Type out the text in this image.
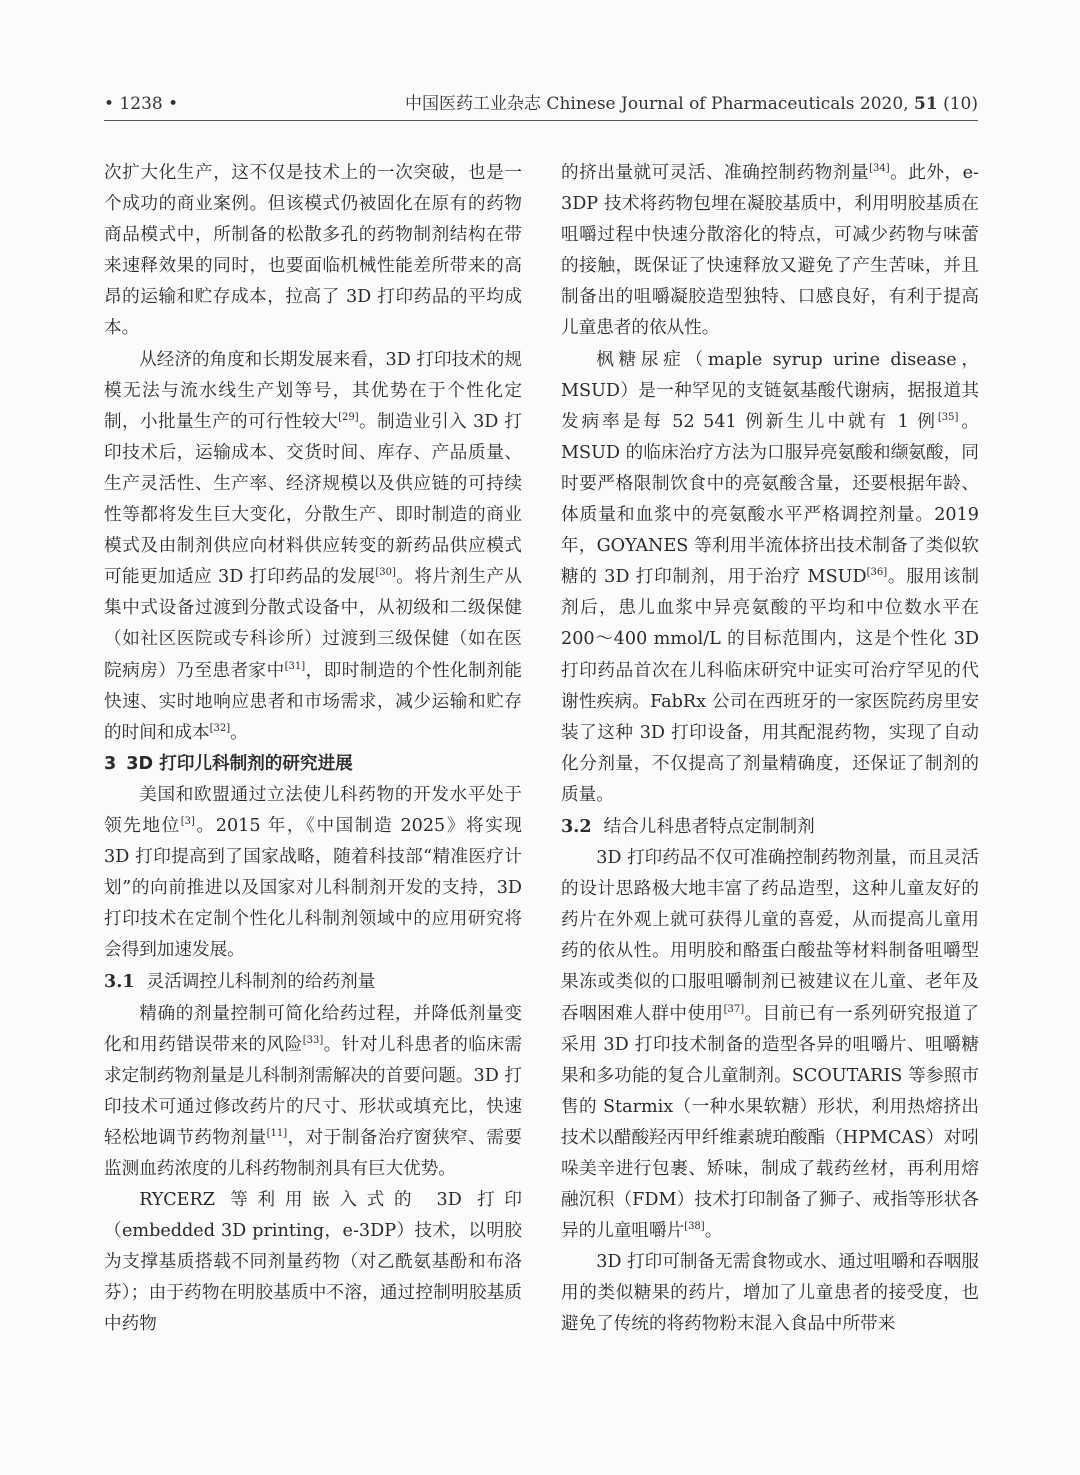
• 1238 •	中国医药工业杂志 Chinese Journal of Pharmaceuticals 2020, 51 (10)

次扩大化生产，这不仅是技术上的一次突破，也是一个成功的商业案例。但该模式仍被固化在原有的药物商品模式中，所制备的松散多孔的药物制剂结构在带来速释效果的同时，也要面临机械性能差所带来的高昂的运输和贮存成本，拉高了 3D 打印药品的平均成本。

从经济的角度和长期发展来看，3D 打印技术的规模无法与流水线生产划等号，其优势在于个性化定制，小批量生产的可行性较大[29]。制造业引入 3D 打印技术后，运输成本、交货时间、库存、产品质量、生产灵活性、生产率、经济规模以及供应链的可持续性等都将发生巨大变化，分散生产、即时制造的商业模式及由制剂供应向材料供应转变的新药品供应模式可能更加适应 3D 打印药品的发展[30]。将片剂生产从集中式设备过渡到分散式设备中，从初级和二级保健（如社区医院或专科诊所）过渡到三级保健（如在医院病房）乃至患者家中[31]，即时制造的个性化制剂能快速、实时地响应患者和市场需求，减少运输和贮存的时间和成本[32]。

3 3D 打印儿科制剂的研究进展

美国和欧盟通过立法使儿科药物的开发水平处于领先地位[3]。2015 年，《中国制造 2025》将实现 3D 打印提高到了国家战略，随着科技部“精准医疗计划”的向前推进以及国家对儿科制剂开发的支持，3D 打印技术在定制个性化儿科制剂领域中的应用研究将会得到加速发展。

3.1 灵活调控儿科制剂的给药剂量

精确的剂量控制可简化给药过程，并降低剂量变化和用药错误带来的风险[33]。针对儿科患者的临床需求定制药物剂量是儿科制剂需解决的首要问题。3D 打印技术可通过修改药片的尺寸、形状或填充比，快速轻松地调节药物剂量[11]，对于制备治疗窗狭窄、需要监测血药浓度的儿科药物制剂具有巨大优势。

RYCERZ 等利用嵌入式的 3D 打印（embedded 3D printing，e-3DP）技术，以明胶为支撑基质搭载不同剂量药物（对乙酰氨基酚和布洛芬）；由于药物在明胶基质中不溶，通过控制明胶基质中药物

的挤出量就可灵活、准确控制药物剂量[34]。此外，e-3DP 技术将药物包埋在凝胶基质中，利用明胶基质在咀嚼过程中快速分散溶化的特点，可减少药物与味蕾的接触，既保证了快速释放又避免了产生苦味，并且制备出的咀嚼凝胶造型独特、口感良好，有利于提高儿童患者的依从性。

枫糖尿症（maple syrup urine disease，MSUD）是一种罕见的支链氨基酸代谢病，据报道其发病率是每 52 541 例新生儿中就有 1 例[35]。MSUD 的临床治疗方法为口服异亮氨酸和缬氨酸，同时要严格限制饮食中的亮氨酸含量，还要根据年龄、体质量和血浆中的亮氨酸水平严格调控剂量。2019 年，GOYANES 等利用半流体挤出技术制备了类似软糖的 3D 打印制剂，用于治疗 MSUD[36]。服用该制剂后，患儿血浆中异亮氨酸的平均和中位数水平在 200～400 mmol/L 的目标范围内，这是个性化 3D 打印药品首次在儿科临床研究中证实可治疗罕见的代谢性疾病。FabRx 公司在西班牙的一家医院药房里安装了这种 3D 打印设备，用其配混药物，实现了自动化分剂量，不仅提高了剂量精确度，还保证了制剂的质量。

3.2 结合儿科患者特点定制制剂

3D 打印药品不仅可准确控制药物剂量，而且灵活的设计思路极大地丰富了药品造型，这种儿童友好的药片在外观上就可获得儿童的喜爱，从而提高儿童用药的依从性。用明胶和酪蛋白酸盐等材料制备咀嚼型果冻或类似的口服咀嚼制剂已被建议在儿童、老年及吞咽困难人群中使用[37]。目前已有一系列研究报道了采用 3D 打印技术制备的造型各异的咀嚼片、咀嚼糖果和多功能的复合儿童制剂。SCOUTARIS 等参照市售的 Starmix（一种水果软糖）形状，利用热熔挤出技术以醋酸羟丙甲纤维素琥珀酸酯（HPMCAS）对吲哚美辛进行包裹、矫味，制成了载药丝材，再利用熔融沉积（FDM）技术打印制备了狮子、戒指等形状各异的儿童咀嚼片[38]。

3D 打印可制备无需食物或水、通过咀嚼和吞咽服用的类似糖果的药片，增加了儿童患者的接受度，也避免了传统的将药物粉末混入食品中所带来
